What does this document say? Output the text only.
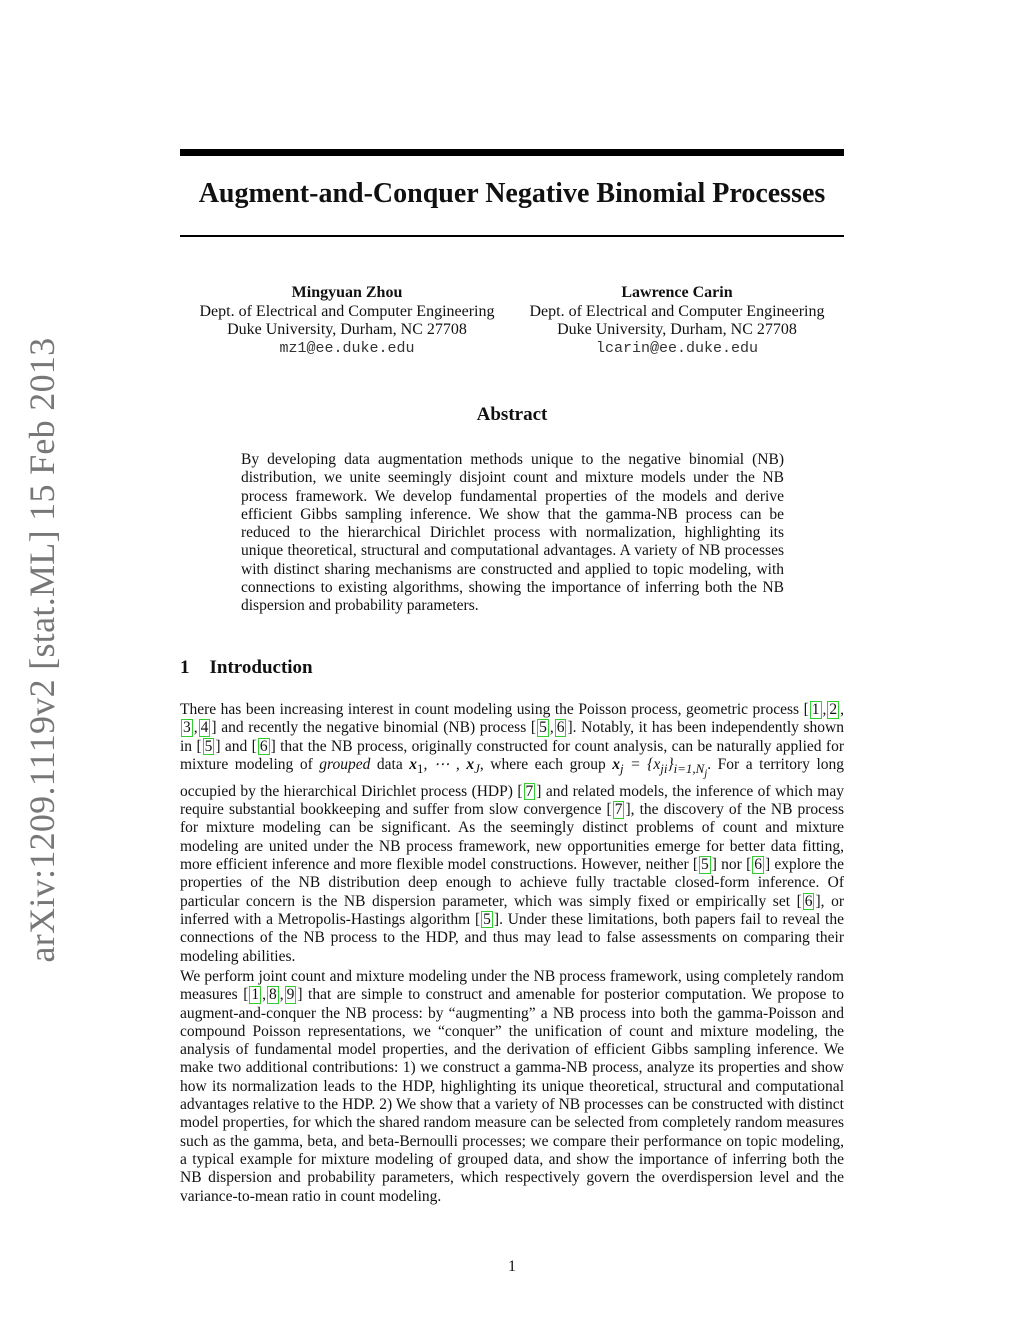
arXiv:1209.1119v2 [stat.ML] 15 Feb 2013
Augment-and-Conquer Negative Binomial Processes
Mingyuan Zhou
Dept. of Electrical and Computer Engineering
Duke University, Durham, NC 27708
mz1@ee.duke.edu
Lawrence Carin
Dept. of Electrical and Computer Engineering
Duke University, Durham, NC 27708
lcarin@ee.duke.edu
Abstract
By developing data augmentation methods unique to the negative binomial (NB) distribution, we unite seemingly disjoint count and mixture models under the NB process framework. We develop fundamental properties of the models and derive efficient Gibbs sampling inference. We show that the gamma-NB process can be reduced to the hierarchical Dirichlet process with normalization, highlighting its unique theoretical, structural and computational advantages. A variety of NB processes with distinct sharing mechanisms are constructed and applied to topic modeling, with connections to existing algorithms, showing the importance of inferring both the NB dispersion and probability parameters.
1 Introduction

There has been increasing interest in count modeling using the Poisson process, geometric process [ 1 , 2 ,3 , 4 ] and recently the negative binomial (NB) process [ 5 , 6 ]. Notably, it has been independently shown in [ 5 ] and [ 6 ] that the NB process, originally constructed for count analysis, can be naturally applied for mixture modeling of grouped data $x_1$, ⋯ , $x_J$, where each group $x_j = \{x_{ji}\}_{i=1,N_j}$. For a territory long occupied by the hierarchical Dirichlet process (HDP) [ 7 ] and related models, the inference of which may require substantial bookkeeping and suffer from slow convergence [ 7 ], the discovery of the NB process for mixture modeling can be significant. As the seemingly distinct problems of count and mixture modeling are united under the NB process framework, new opportunities emerge for better data fitting, more efficient inference and more flexible model constructions. However, neither [ 5 ] nor [ 6 ] explore the properties of the NB distribution deep enough to achieve fully tractable closed-form inference. Of particular concern is the NB dispersion parameter, which was simply fixed or empirically set [ 6 ], or inferred with a Metropolis-Hastings algorithm [ 5 ]. Under these limitations, both papers fail to reveal the connections of the NB process to the HDP, and thus may lead to false assessments on comparing their modeling abilities.

We perform joint count and mixture modeling under the NB process framework, using completely random measures [ 1 , 8 , 9 ] that are simple to construct and amenable for posterior computation. We propose to augment-and-conquer the NB process: by “augmenting” a NB process into both the gamma-Poisson and compound Poisson representations, we “conquer” the unification of count and mixture modeling, the analysis of fundamental model properties, and the derivation of efficient Gibbs sampling inference. We make two additional contributions: 1) we construct a gamma-NB process, analyze its properties and show how its normalization leads to the HDP, highlighting its unique theoretical, structural and computational advantages relative to the HDP. 2) We show that a variety of NB processes can be constructed with distinct model properties, for which the shared random measure can be selected from completely random measures such as the gamma, beta, and beta-Bernoulli processes; we compare their performance on topic modeling, a typical example for mixture modeling of grouped data, and show the importance of inferring both the NB dispersion and probability parameters, which respectively govern the overdispersion level and the variance-to-mean ratio in count modeling.

1
